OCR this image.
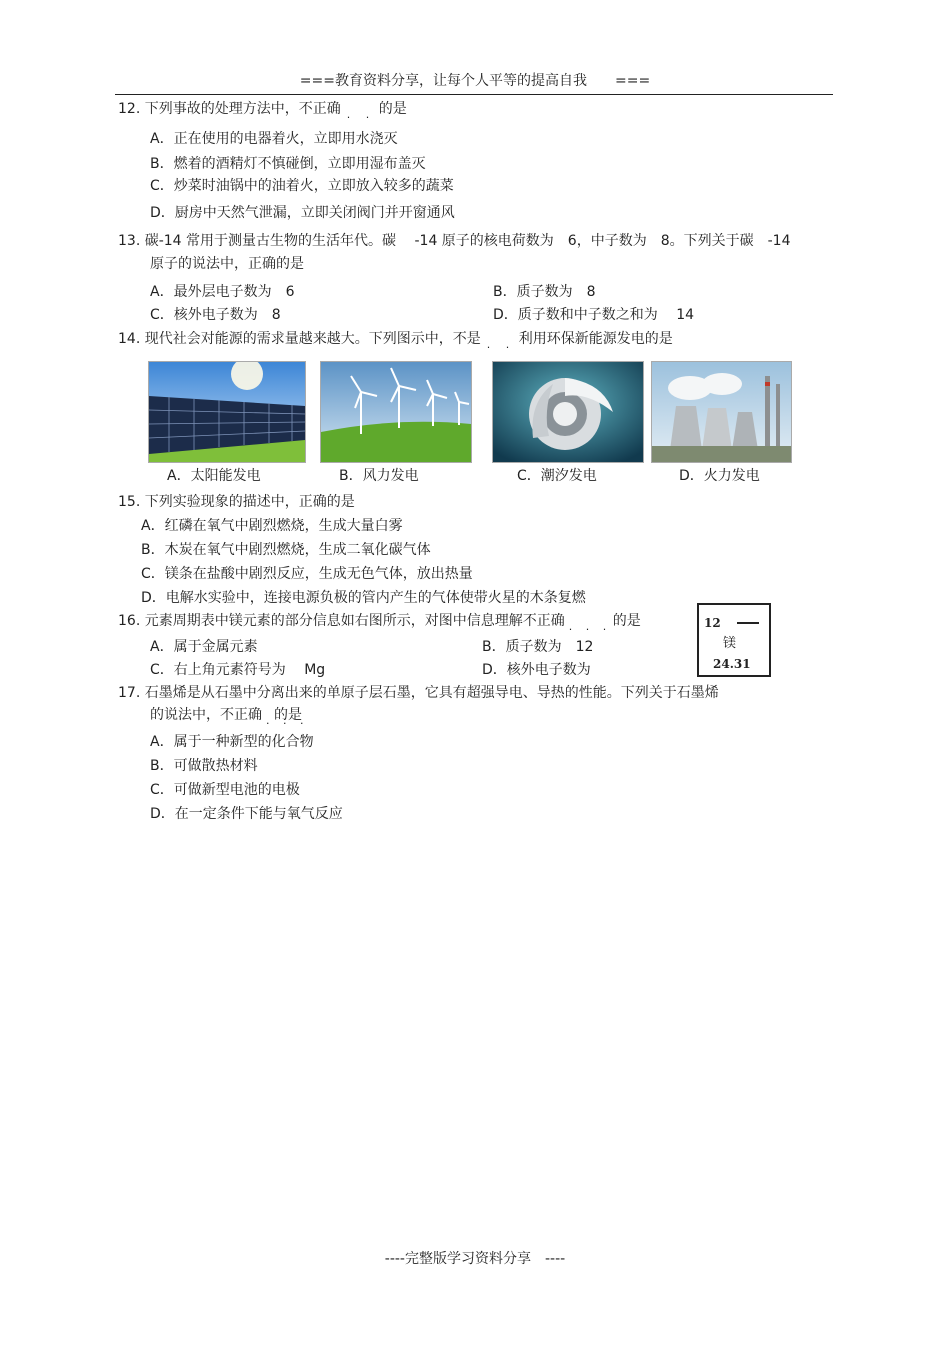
===教育资料分享，让每个人平等的提高自我　　===
12. 下列事故的处理方法中，不正确 · ·	的是
A．正在使用的电器着火，立即用水浇灭
B．燃着的酒精灯不慎碰倒，立即用湿布盖灭
C．炒菜时油锅中的油着火，立即放入较多的蔬菜
D．厨房中天然气泄漏，立即关闭阀门并开窗通风
13. 碳-14 常用于测量古生物的生活年代。碳　 -14 原子的核电荷数为　6，中子数为　8。下列关于碳　-14
原子的说法中，正确的是
A．最外层电子数为　6	B．质子数为　8
C．核外电子数为　8	D．质子数和中子数之和为　 14
14. 现代社会对能源的需求量越来越大。下列图示中，不是 · ·	利用环保新能源发电的是
A．太阳能发电	B．风力发电	C．潮汐发电	D．火力发电
15. 下列实验现象的描述中，正确的是
A．红磷在氧气中剧烈燃烧，生成大量白雾
B．木炭在氧气中剧烈燃烧，生成二氧化碳气体
C．镁条在盐酸中剧烈反应，生成无色气体，放出热量
D．电解水实验中，连接电源负极的管内产生的气体使带火星的木条复燃
16. 元素周期表中镁元素的部分信息如右图所示，对图中信息理解不正确 · · ·	的是
A．属于金属元素	B．质子数为　12
C．右上角元素符号为　 Mg	D．核外电子数为
12
镁
24.31
17. 石墨烯是从石墨中分离出来的单原子层石墨，它具有超强导电、导热的性能。下列关于石墨烯
的说法中，不正确 · · · 的是
A．属于一种新型的化合物
B．可做散热材料
C．可做新型电池的电极
D．在一定条件下能与氧气反应
----完整版学习资料分享　----
